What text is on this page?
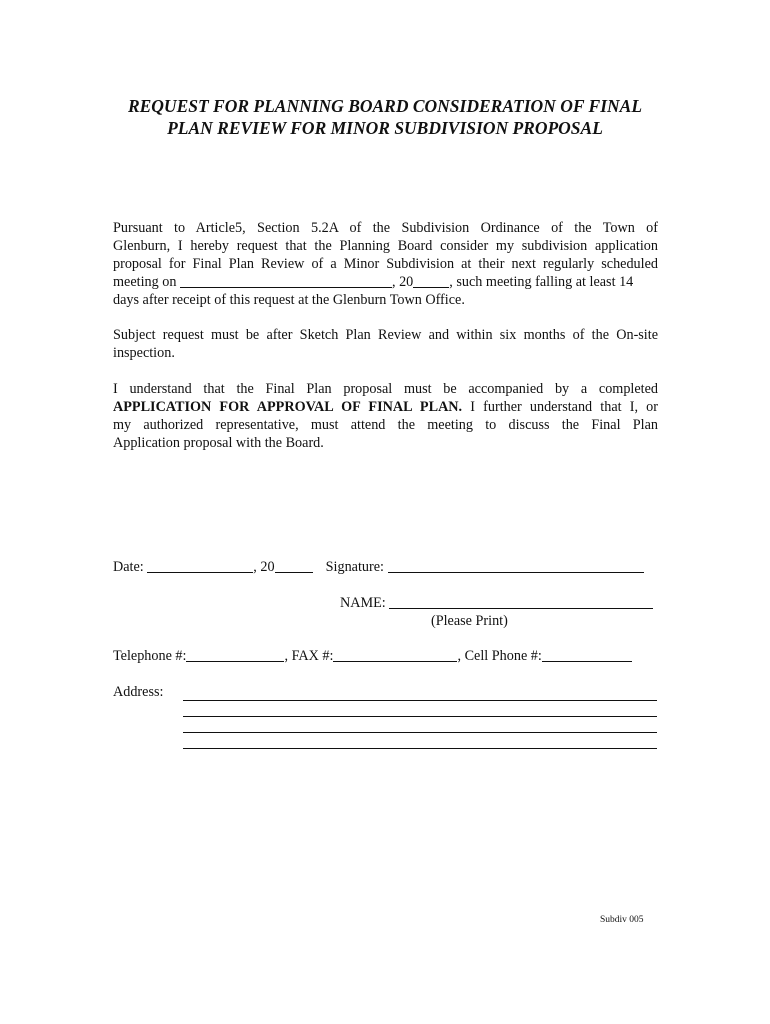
REQUEST FOR PLANNING BOARD CONSIDERATION OF FINAL
PLAN REVIEW FOR MINOR SUBDIVISION PROPOSAL
Pursuant to Article5, Section 5.2A of the Subdivision Ordinance of the Town of
Glenburn, I hereby request that the Planning Board consider my subdivision application
proposal for Final Plan Review of a Minor Subdivision at their next regularly scheduled
meeting on	, 20	, such meeting falling at least 14
days after receipt of this request at the Glenburn Town Office.
Subject request must be after Sketch Plan Review and within six months of the On-site
inspection.
I understand that the Final Plan proposal must be accompanied by a completed
APPLICATION FOR APPROVAL OF FINAL PLAN. I further understand that I, or
my authorized representative, must attend the meeting to discuss the Final Plan
Application proposal with the Board.
Date:	, 20	Signature:
NAME:
(Please Print)
Telephone #:	, FAX #:	, Cell Phone #:
Address:
Subdiv 005
